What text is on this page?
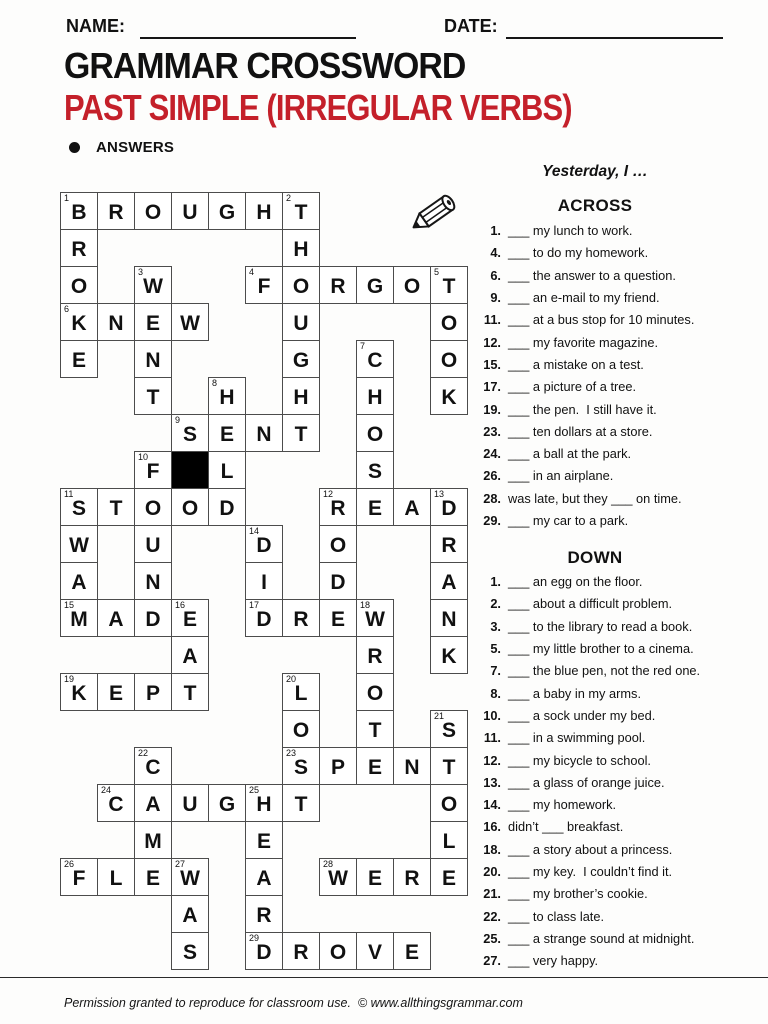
NAME:	DATE:
GRAMMAR CROSSWORD
PAST SIMPLE (IRREGULAR VERBS)
ANSWERS
1
B R O U G H
2
T
R	H
O
3
W
4
F O R G O
5
T
6
K N E W	U	O
E	N	G
7
C	O
T
8
H	H	H	K
9
S E N T	O
10
F	L	S
11
S T O O D
12
R E A
13
D
W	U
14
D	O	R
A	N	I	D	A
15
M A D
16
E
17
D R E
18
W	N
A	R	K
19
K E P T
20
L	O
O	T
21
S
22
C
23
S P E N T
24
C A U G
25
H T	O
M	E	L
26
F L E
27
W	A
28
W E R E
A	R
S
29
D R O V E
Yesterday, I …
ACROSS
1. ___ my lunch to work.
4. ___ to do my homework.
6. ___ the answer to a question.
9. ___ an e-mail to my friend.
11. ___ at a bus stop for 10 minutes.
12. ___ my favorite magazine.
15. ___ a mistake on a test.
17. ___ a picture of a tree.
19. ___ the pen.  I still have it.
23. ___ ten dollars at a store.
24. ___ a ball at the park.
26. ___ in an airplane.
28. was late, but they ___ on time.
29. ___ my car to a park.
DOWN
1. ___ an egg on the floor.
2. ___ about a difficult problem.
3. ___ to the library to read a book.
5. ___ my little brother to a cinema.
7. ___ the blue pen, not the red one.
8. ___ a baby in my arms.
10. ___ a sock under my bed.
11. ___ in a swimming pool.
12. ___ my bicycle to school.
13. ___ a glass of orange juice.
14. ___ my homework.
16. didn’t ___ breakfast.
18. ___ a story about a princess.
20. ___ my key.  I couldn’t find it.
21. ___ my brother’s cookie.
22. ___ to class late.
25. ___ a strange sound at midnight.
27. ___ very happy.
Permission granted to reproduce for classroom use.  © www.allthingsgrammar.com
